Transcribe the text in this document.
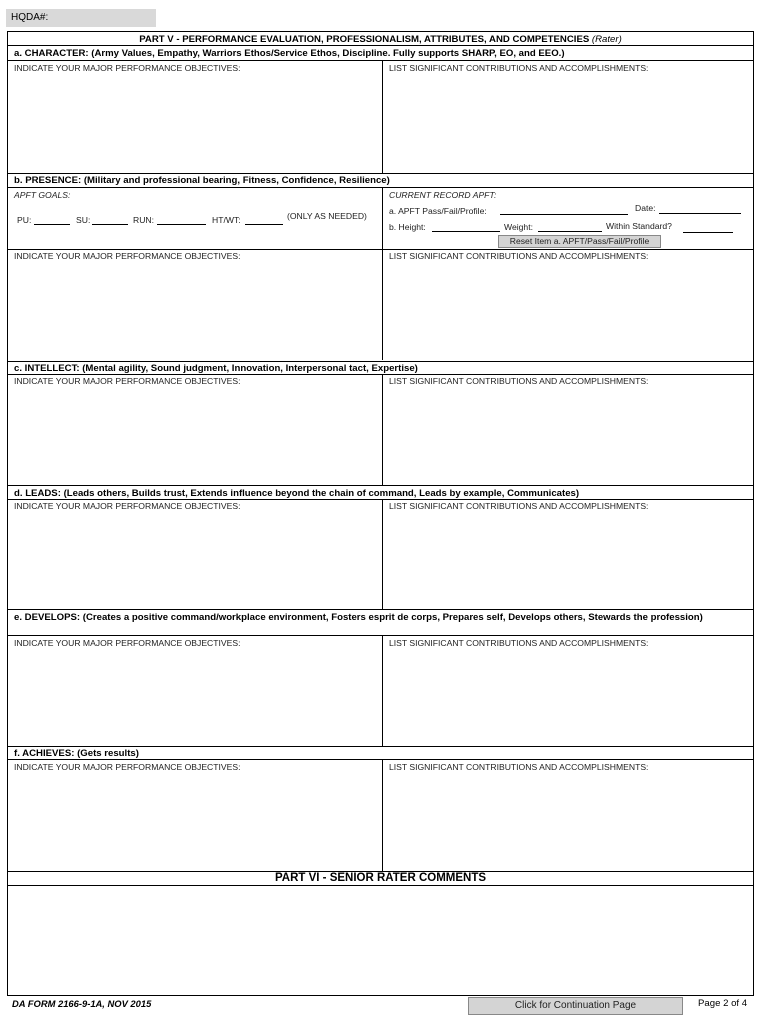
HQDA#:
PART V - PERFORMANCE EVALUATION, PROFESSIONALISM, ATTRIBUTES, AND COMPETENCIES (Rater)
a. CHARACTER: (Army Values, Empathy, Warriors Ethos/Service Ethos, Discipline. Fully supports SHARP, EO, and EEO.)
INDICATE YOUR MAJOR PERFORMANCE OBJECTIVES:	LIST SIGNIFICANT CONTRIBUTIONS AND ACCOMPLISHMENTS:
b. PRESENCE: (Military and professional bearing, Fitness, Confidence, Resilience)
APFT GOALS:
PU:	SU:	RUN:	HT/WT:	(ONLY AS NEEDED)
CURRENT RECORD APFT:
a. APFT Pass/Fail/Profile:	Date:
b. Height:	Weight:	Within Standard?
Reset Item a. APFT/Pass/Fail/Profile
INDICATE YOUR MAJOR PERFORMANCE OBJECTIVES:	LIST SIGNIFICANT CONTRIBUTIONS AND ACCOMPLISHMENTS:
c. INTELLECT: (Mental agility, Sound judgment, Innovation, Interpersonal tact, Expertise)
INDICATE YOUR MAJOR PERFORMANCE OBJECTIVES:	LIST SIGNIFICANT CONTRIBUTIONS AND ACCOMPLISHMENTS:
d. LEADS: (Leads others, Builds trust, Extends influence beyond the chain of command, Leads by example, Communicates)
INDICATE YOUR MAJOR PERFORMANCE OBJECTIVES:	LIST SIGNIFICANT CONTRIBUTIONS AND ACCOMPLISHMENTS:
e. DEVELOPS: (Creates a positive command/workplace environment, Fosters esprit de corps, Prepares self, Develops others, Stewards the profession)
INDICATE YOUR MAJOR PERFORMANCE OBJECTIVES:	LIST SIGNIFICANT CONTRIBUTIONS AND ACCOMPLISHMENTS:
f. ACHIEVES: (Gets results)
INDICATE YOUR MAJOR PERFORMANCE OBJECTIVES:	LIST SIGNIFICANT CONTRIBUTIONS AND ACCOMPLISHMENTS:
PART VI - SENIOR RATER COMMENTS
DA FORM 2166-9-1A, NOV 2015	Click for Continuation Page	Page 2 of 4
